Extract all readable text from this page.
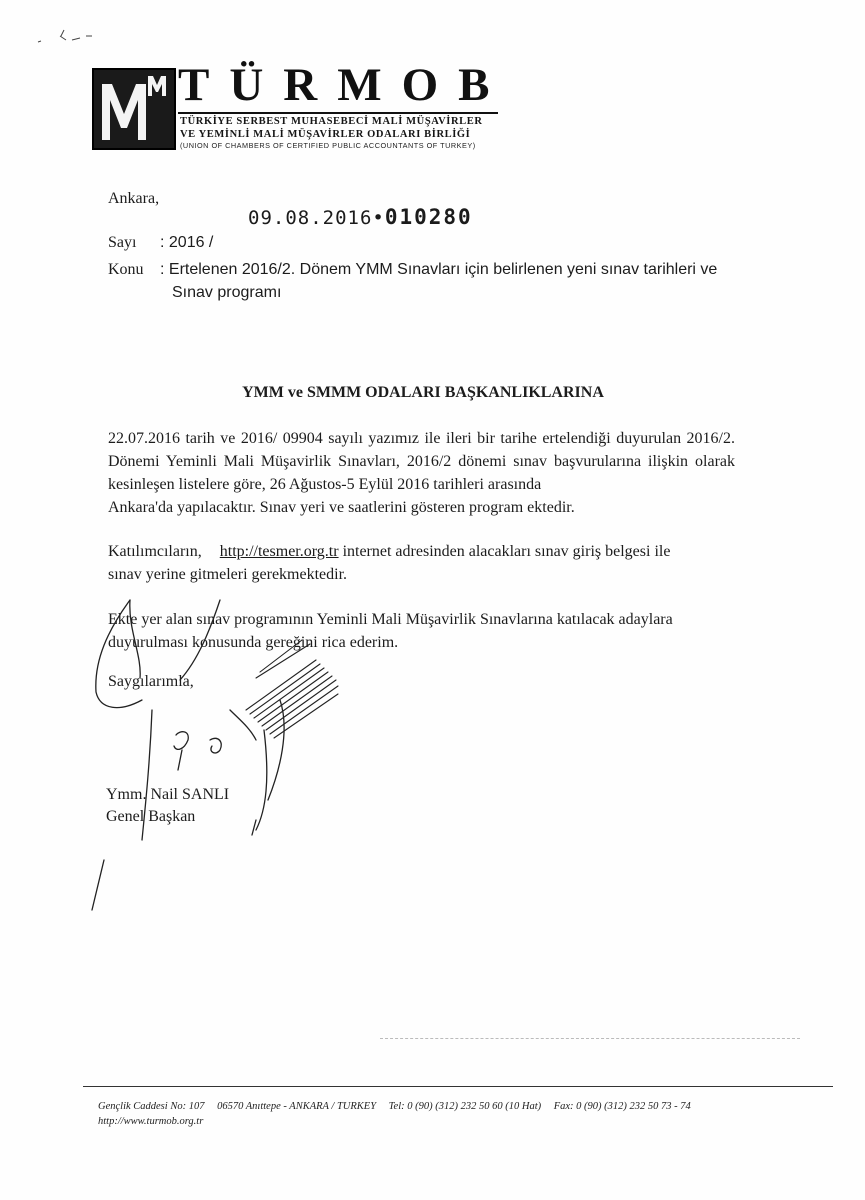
TÜRMOB
TÜRKİYE SERBEST MUHASEBECİ MALİ MÜŞAVİRLER
VE YEMİNLİ MALİ MÜŞAVİRLER ODALARI BİRLİĞİ
(UNION OF CHAMBERS OF CERTIFIED PUBLIC ACCOUNTANTS OF TURKEY)
Ankara,
09.08.2016•010280
Sayı : 2016 /
Konu : Ertelenen 2016/2. Dönem YMM Sınavları için belirlenen yeni sınav tarihleri ve
Sınav programı
YMM ve SMMM ODALARI BAŞKANLIKLARINA
22.07.2016 tarih ve 2016/ 09904 sayılı yazımız ile ileri bir tarihe ertelendiği duyurulan 2016/2. Dönemi Yeminli Mali Müşavirlik Sınavları, 2016/2 dönemi sınav başvurularına ilişkin olarak kesinleşen listelere göre, 26 Ağustos-5 Eylül 2016 tarihleri arasında
Ankara'da yapılacaktır. Sınav yeri ve saatlerini gösteren program ektedir.
Katılımcıların, http://tesmer.org.tr internet adresinden alacakları sınav giriş belgesi ile
sınav yerine gitmeleri gerekmektedir.
Ekte yer alan sınav programının Yeminli Mali Müşavirlik Sınavlarına katılacak adaylara
duyurulması konusunda gereğini rica ederim.
Saygılarımla,
Ymm. Nail SANLI
Genel Başkan
Gençlik Caddesi No: 107 06570 Anıttepe - ANKARA / TURKEY Tel: 0 (90) (312) 232 50 60 (10 Hat) Fax: 0 (90) (312) 232 50 73 - 74
http://www.turmob.org.tr
